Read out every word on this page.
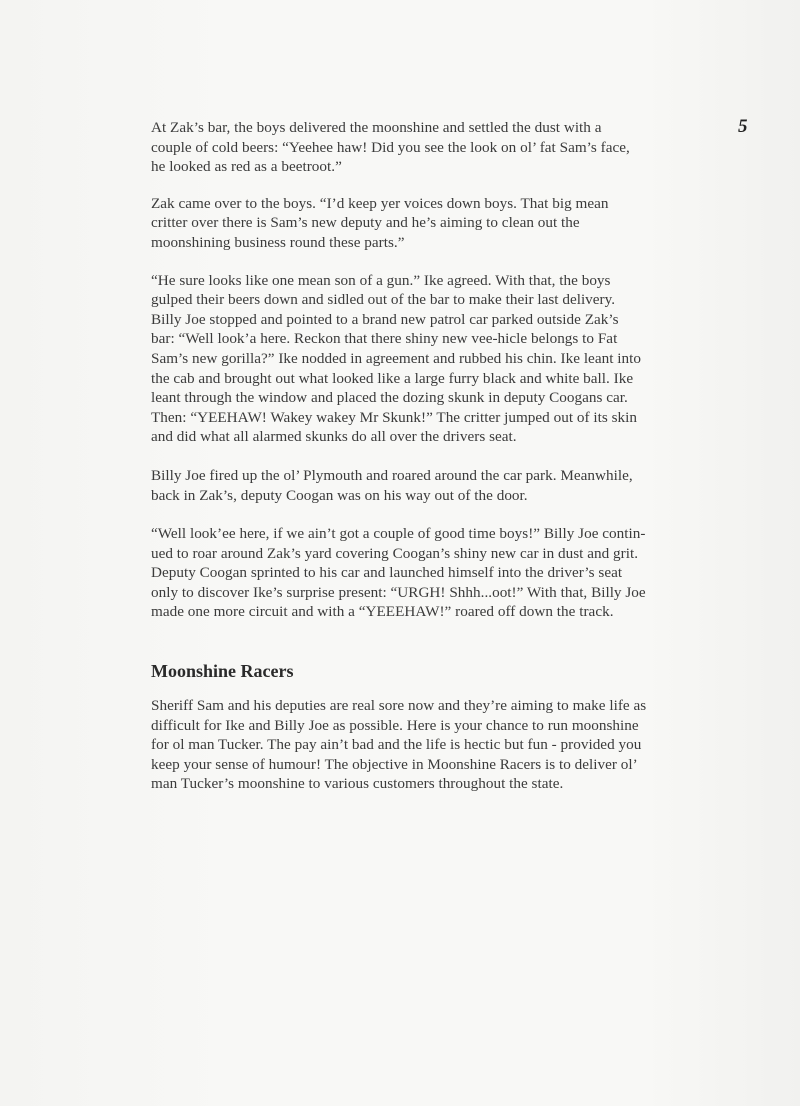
5

At Zak’s bar, the boys delivered the moonshine and settled the dust with a
couple of cold beers: “Yeehee haw! Did you see the look on ol’ fat Sam’s face,
he looked as red as a beetroot.”

Zak came over to the boys. “I’d keep yer voices down boys. That big mean
critter over there is Sam’s new deputy and he’s aiming to clean out the
moonshining business round these parts.”

“He sure looks like one mean son of a gun.” Ike agreed. With that, the boys
gulped their beers down and sidled out of the bar to make their last delivery.
Billy Joe stopped and pointed to a brand new patrol car parked outside Zak’s
bar: “Well look’a here. Reckon that there shiny new vee-hicle belongs to Fat
Sam’s new gorilla?” Ike nodded in agreement and rubbed his chin. Ike leant into
the cab and brought out what looked like a large furry black and white ball. Ike
leant through the window and placed the dozing skunk in deputy Coogans car.
Then: “YEEHAW! Wakey wakey Mr Skunk!” The critter jumped out of its skin
and did what all alarmed skunks do all over the drivers seat.

Billy Joe fired up the ol’ Plymouth and roared around the car park. Meanwhile,
back in Zak’s, deputy Coogan was on his way out of the door.

“Well look’ee here, if we ain’t got a couple of good time boys!” Billy Joe contin-
ued to roar around Zak’s yard covering Coogan’s shiny new car in dust and grit.
Deputy Coogan sprinted to his car and launched himself into the driver’s seat
only to discover Ike’s surprise present: “URGH! Shhh...oot!” With that, Billy Joe
made one more circuit and with a “YEEEHAW!” roared off down the track.

Moonshine Racers

Sheriff Sam and his deputies are real sore now and they’re aiming to make life as
difficult for Ike and Billy Joe as possible. Here is your chance to run moonshine
for ol man Tucker. The pay ain’t bad and the life is hectic but fun - provided you
keep your sense of humour! The objective in Moonshine Racers is to deliver ol’
man Tucker’s moonshine to various customers throughout the state.
